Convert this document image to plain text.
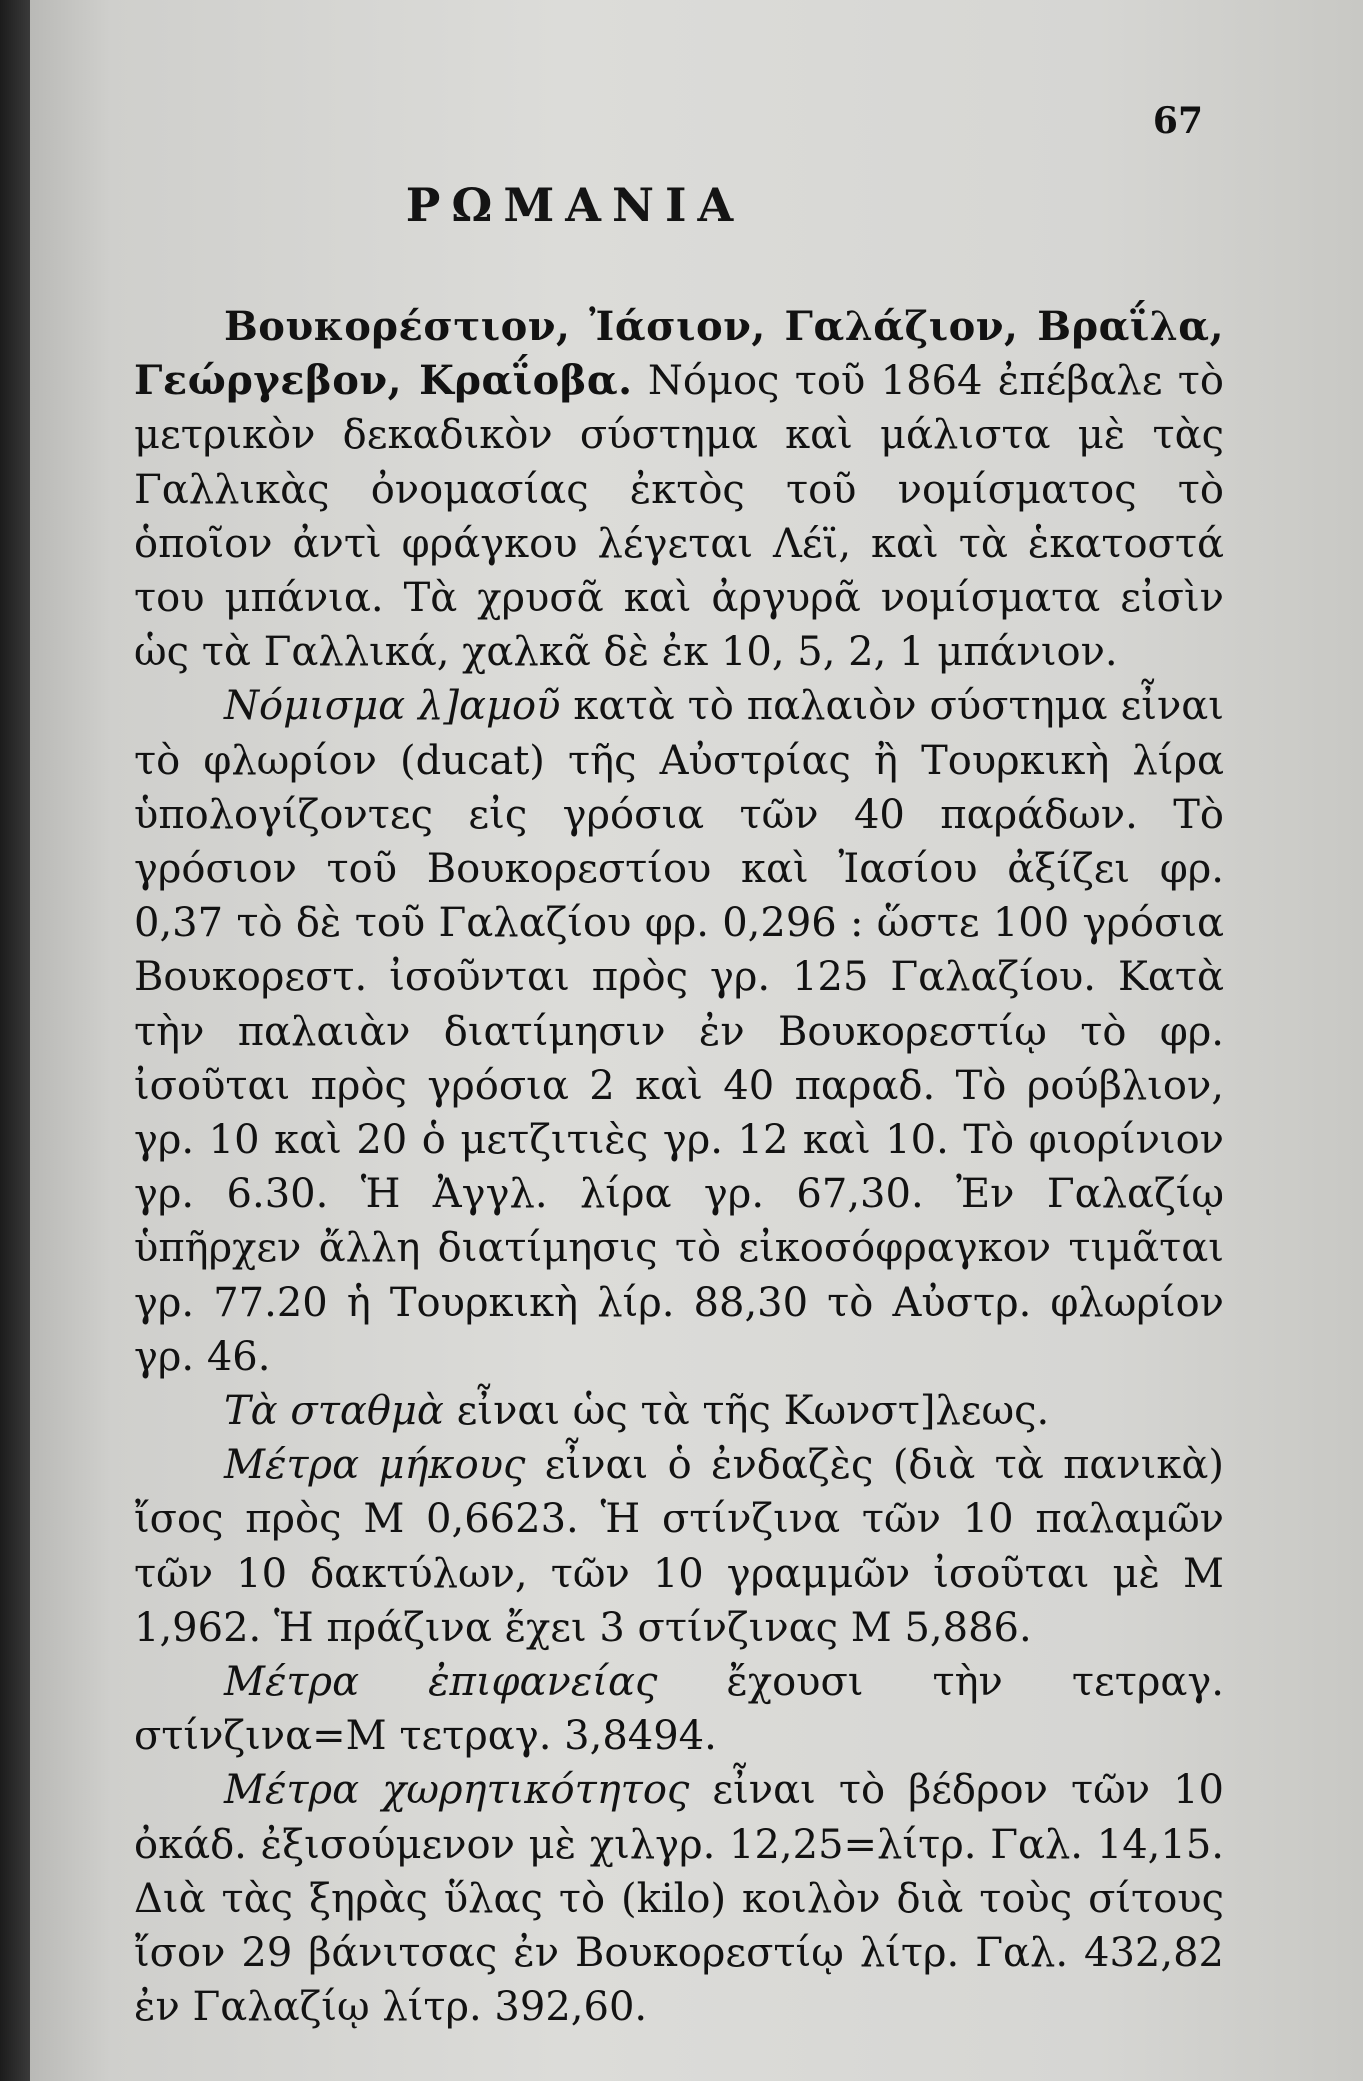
67

ΡΩΜΑΝΙΑ

Βουκορέστιον, Ἰάσιον, Γαλάζιον, Βραΐλα, Γεώργεβον, Κραΐοβα. Νόμος τοῦ 1864 ἐπέβαλε τὸ μετρικὸν δεκαδικὸν σύστημα καὶ μάλιστα μὲ τὰς Γαλλικὰς ὀνομασίας ἐκτὸς τοῦ νομίσματος τὸ ὁποῖον ἀντὶ φράγκου λέγεται Λέϊ, καὶ τὰ ἑκατοστά του μπάνια. Τὰ χρυσᾶ καὶ ἀργυρᾶ νομίσματα εἰσὶν ὡς τὰ Γαλλικά, χαλκᾶ δὲ ἐκ 10, 5, 2, 1 μπάνιον.

Νόμισμα λ]αμοῦ κατὰ τὸ παλαιὸν σύστημα εἶναι τὸ φλωρίον (ducat) τῆς Αὐστρίας ἢ Τουρκικὴ λίρα ὑπολογίζοντες εἰς γρόσια τῶν 40 παράδων. Τὸ γρόσιον τοῦ Βουκορεστίου καὶ Ἰασίου ἀξίζει φρ. 0,37 τὸ δὲ τοῦ Γαλαζίου φρ. 0,296 : ὥστε 100 γρόσια Βουκορεστ. ἰσοῦνται πρὸς γρ. 125 Γαλαζίου. Κατὰ τὴν παλαιὰν διατίμησιν ἐν Βουκορεστίῳ τὸ φρ. ἰσοῦται πρὸς γρόσια 2 καὶ 40 παραδ. Τὸ ρούβλιον, γρ. 10 καὶ 20 ὁ μετζιτιὲς γρ. 12 καὶ 10. Τὸ φιορίνιον γρ. 6.30. Ἡ Ἀγγλ. λίρα γρ. 67,30. Ἐν Γαλαζίῳ ὑπῆρχεν ἄλλη διατίμησις τὸ εἰκοσόφραγκον τιμᾶται γρ. 77.20 ἡ Τουρκικὴ λίρ. 88,30 τὸ Αὐστρ. φλωρίον γρ. 46.

Τὰ σταθμὰ εἶναι ὡς τὰ τῆς Κωνστ]λεως.

Μέτρα μήκους εἶναι ὁ ἐνδαζὲς (διὰ τὰ πανικὰ) ἴσος πρὸς Μ 0,6623. Ἡ στίνζινα τῶν 10 παλαμῶν τῶν 10 δακτύλων, τῶν 10 γραμμῶν ἰσοῦται μὲ Μ 1,962. Ἡ πράζινα ἔχει 3 στίνζινας Μ 5,886.

Μέτρα ἐπιφανείας ἔχουσι τὴν τετραγ. στίνζινα=Μ τετραγ. 3,8494.

Μέτρα χωρητικότητος εἶναι τὸ βέδρον τῶν 10 ὀκάδ. ἐξισούμενον μὲ χιλγρ. 12,25=λίτρ. Γαλ. 14,15. Διὰ τὰς ξηρὰς ὕλας τὸ (kilo) κοιλὸν διὰ τοὺς σίτους ἴσον 29 βάνιτσας ἐν Βουκορεστίῳ λίτρ. Γαλ. 432,82 ἐν Γαλαζίῳ λίτρ. 392,60.
